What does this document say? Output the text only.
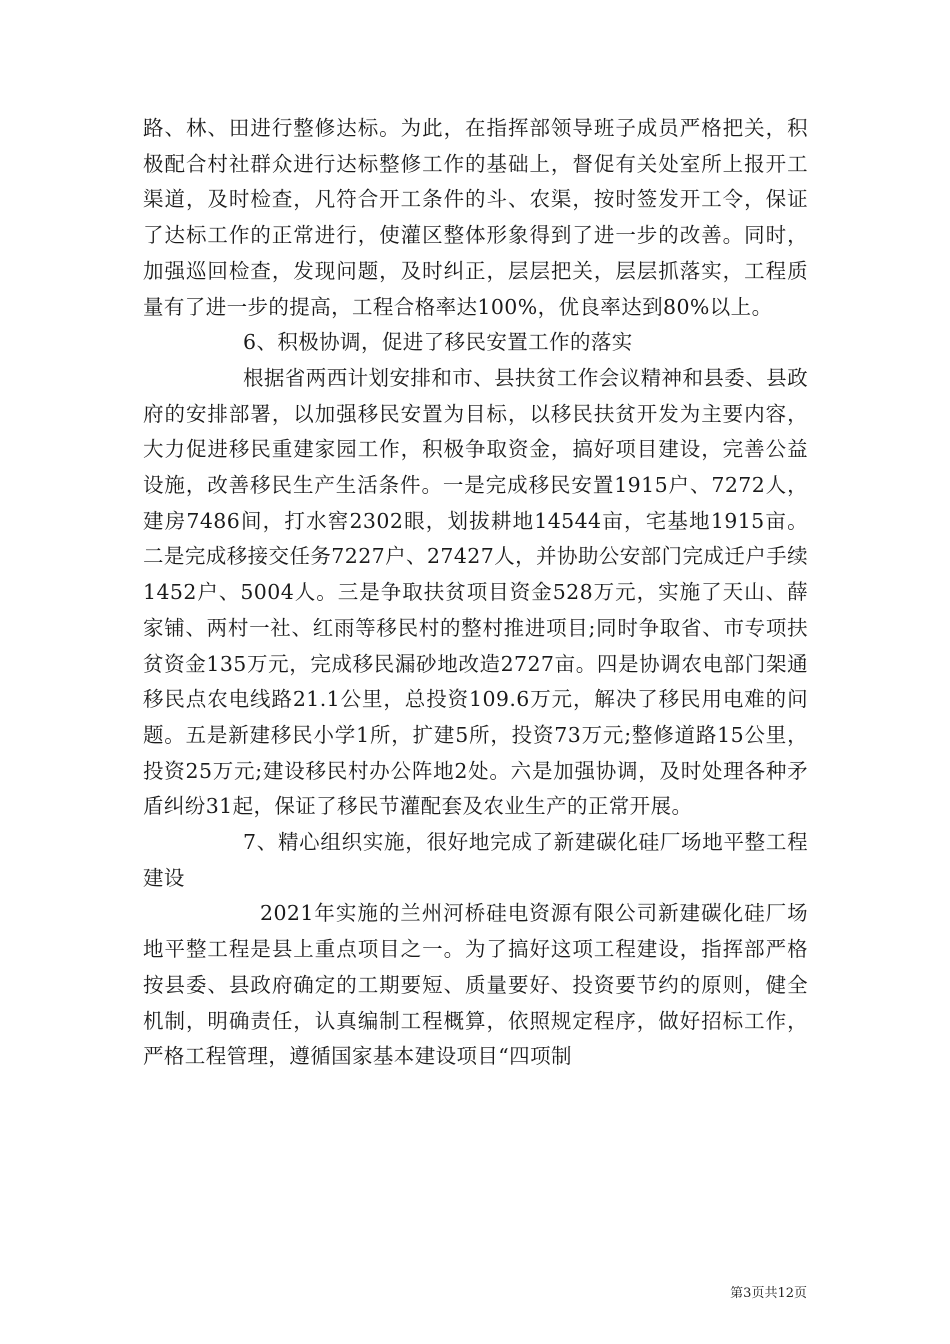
路、林、田进行整修达标。为此，在指挥部领导班子成员严格把关，积极配合村社群众进行达标整修工作的基础上，督促有关处室所上报开工渠道，及时检查，凡符合开工条件的斗、农渠，按时签发开工令，保证了达标工作的正常进行，使灌区整体形象得到了进一步的改善。同时，加强巡回检查，发现问题，及时纠正，层层把关，层层抓落实，工程质量有了进一步的提高，工程合格率达100%，优良率达到80%以上。

6、积极协调，促进了移民安置工作的落实

根据省两西计划安排和市、县扶贫工作会议精神和县委、县政府的安排部署，以加强移民安置为目标，以移民扶贫开发为主要内容，大力促进移民重建家园工作，积极争取资金，搞好项目建设，完善公益设施，改善移民生产生活条件。一是完成移民安置1915户、7272人，建房7486间，打水窖2302眼，划拔耕地14544亩，宅基地1915亩。二是完成移接交任务7227户、27427人，并协助公安部门完成迁户手续1452户、5004人。三是争取扶贫项目资金528万元，实施了天山、薛家铺、两村一社、红雨等移民村的整村推进项目;同时争取省、市专项扶贫资金135万元，完成移民漏砂地改造2727亩。四是协调农电部门架通移民点农电线路21.1公里，总投资109.6万元，解决了移民用电难的问题。五是新建移民小学1所，扩建5所，投资73万元;整修道路15公里，投资25万元;建设移民村办公阵地2处。六是加强协调，及时处理各种矛盾纠纷31起，保证了移民节灌配套及农业生产的正常开展。

7、精心组织实施，很好地完成了新建碳化硅厂场地平整工程建设

2021年实施的兰州河桥硅电资源有限公司新建碳化硅厂场地平整工程是县上重点项目之一。为了搞好这项工程建设，指挥部严格按县委、县政府确定的工期要短、质量要好、投资要节约的原则，健全机制，明确责任，认真编制工程概算，依照规定程序，做好招标工作，严格工程管理，遵循国家基本建设项目“四项制

第3页共12页
